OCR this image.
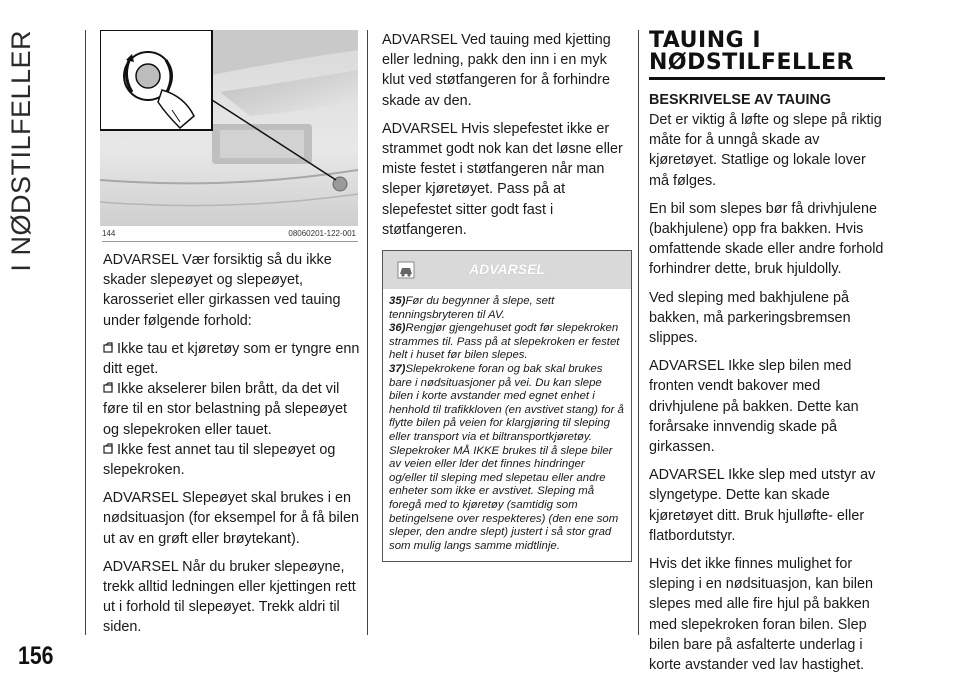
I NØDSTILFELLER
156
144	08060201-122-001

ADVARSEL Vær forsiktig så du ikke skader slepeøyet og slepeøyet, karosseriet eller girkassen ved tauing under følgende forhold:

Ikke tau et kjøretøy som er tyngre enn ditt eget.

Ikke akselerer bilen brått, da det vil føre til en stor belastning på slepeøyet og slepekroken eller tauet.

Ikke fest annet tau til slepeøyet og slepekroken.

ADVARSEL Slepeøyet skal brukes i en nødsituasjon (for eksempel for å få bilen ut av en grøft eller brøytekant).

ADVARSEL Når du bruker slepeøyne, trekk alltid ledningen eller kjettingen rett ut i forhold til slepeøyet. Trekk aldri til siden.

ADVARSEL Ved tauing med kjetting eller ledning, pakk den inn i en myk klut ved støtfangeren for å forhindre skade av den.

ADVARSEL Hvis slepefestet ikke er strammet godt nok kan det løsne eller miste festet i støtfangeren når man sleper kjøretøyet. Pass på at slepefestet sitter godt fast i støtfangeren.

ADVARSEL

35)Før du begynner å slepe, sett tenningsbryteren til AV.

36)Rengjør gjengehuset godt før slepekroken strammes til. Pass på at slepekroken er festet helt i huset før bilen slepes.

37)Slepekrokene foran og bak skal brukes bare i nødsituasjoner på vei. Du kan slepe bilen i korte avstander med egnet enhet i henhold til trafikkloven (en avstivet stang) for å flytte bilen på veien for klargjøring til sleping eller transport via et biltransportkjøretøy. Slepekroker MÅ IKKE brukes til å slepe biler av veien eller lder det finnes hindringer og/eller til sleping med slepetau eller andre enheter som ikke er avstivet. Sleping må foregå med to kjøretøy (samtidig som betingelsene over respekteres) (den ene som sleper, den andre slept) justert i så stor grad som mulig langs samme midtlinje.

TAUING I
NØDSTILFELLER

BESKRIVELSE AV TAUING

Det er viktig å løfte og slepe på riktig måte for å unngå skade av kjøretøyet. Statlige og lokale lover må følges.

En bil som slepes bør få drivhjulene (bakhjulene) opp fra bakken. Hvis omfattende skade eller andre forhold forhindrer dette, bruk hjuldolly.

Ved sleping med bakhjulene på bakken, må parkeringsbremsen slippes.

ADVARSEL Ikke slep bilen med fronten vendt bakover med drivhjulene på bakken. Dette kan forårsake innvendig skade på girkassen.

ADVARSEL Ikke slep med utstyr av slyngetype. Dette kan skade kjøretøyet ditt. Bruk hjulløfte- eller flatbordutstyr.

Hvis det ikke finnes mulighet for sleping i en nødsituasjon, kan bilen slepes med alle fire hjul på bakken med slepekroken foran bilen. Slep bilen bare på asfalterte underlag i korte avstander ved lav hastighet.
